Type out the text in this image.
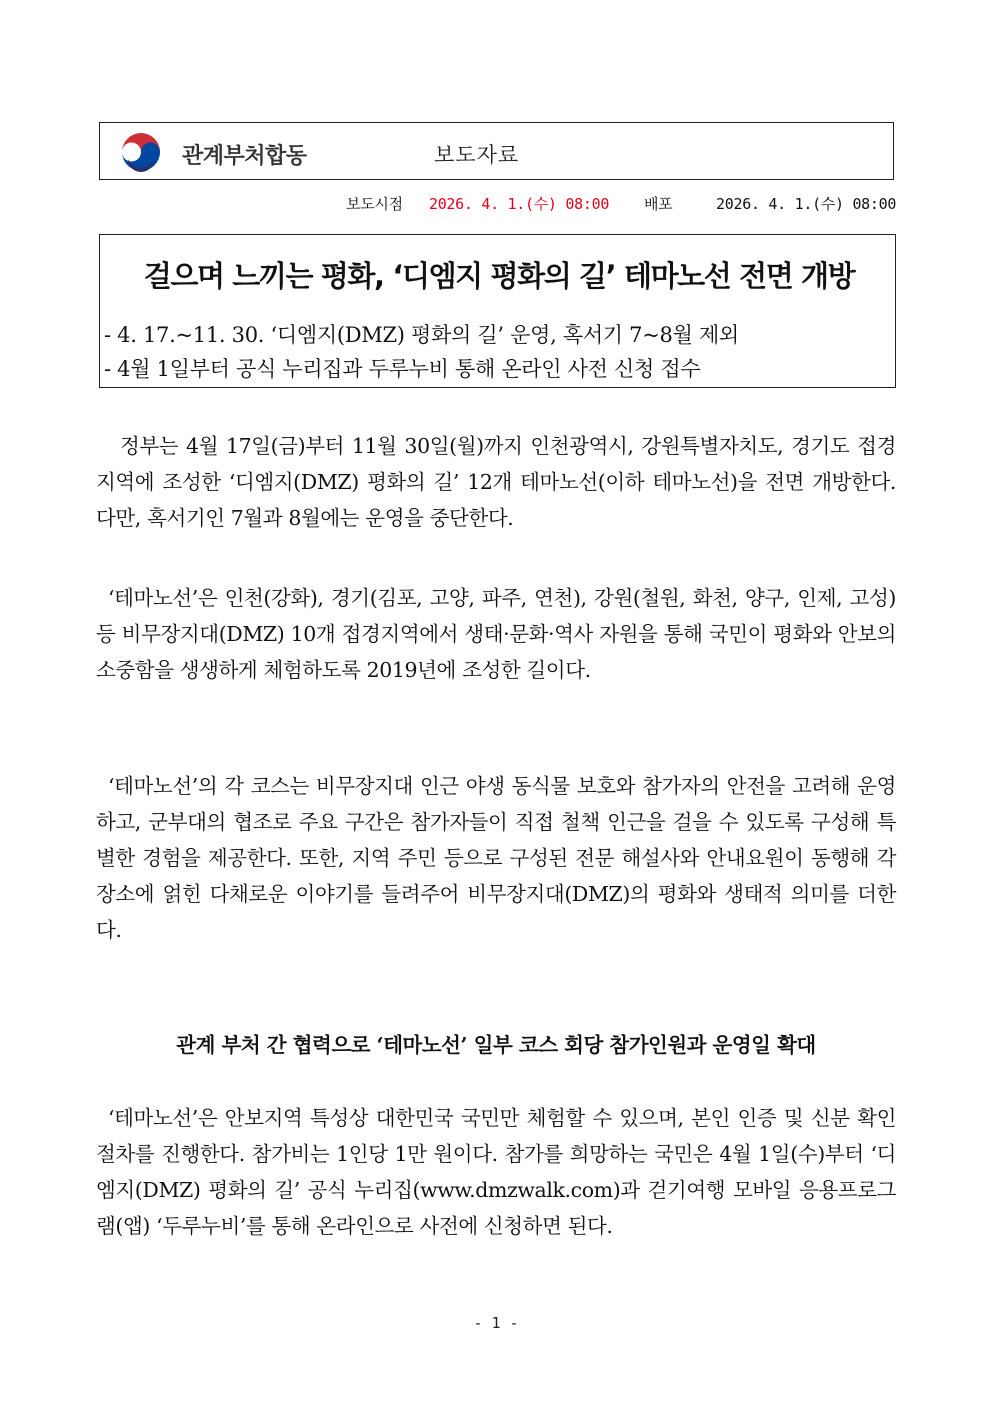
관계부처합동	보도자료
보도시점 2026. 4. 1.(수) 08:00 배포	2026. 4. 1.(수) 08:00
걸으며 느끼는 평화, ‘디엠지 평화의 길’ 테마노선 전면 개방
- 4. 17.~11. 30. ‘디엠지(DMZ) 평화의 길’ 운영, 혹서기 7~8월 제외
- 4월 1일부터 공식 누리집과 두루누비 통해 온라인 사전 신청 접수

정부는 4월 17일(금)부터 11월 30일(월)까지 인천광역시, 강원특별자치도, 경기도 접경지역에 조성한 ‘디엠지(DMZ) 평화의 길’ 12개 테마노선(이하 테마노선)을 전면 개방한다. 다만, 혹서기인 7월과 8월에는 운영을 중단한다.

‘테마노선’은 인천(강화), 경기(김포, 고양, 파주, 연천), 강원(철원, 화천, 양구, 인제, 고성) 등 비무장지대(DMZ) 10개 접경지역에서 생태·문화·역사 자원을 통해 국민이 평화와 안보의 소중함을 생생하게 체험하도록 2019년에 조성한 길이다.

‘테마노선’의 각 코스는 비무장지대 인근 야생 동식물 보호와 참가자의 안전을 고려해 운영하고, 군부대의 협조로 주요 구간은 참가자들이 직접 철책 인근을 걸을 수 있도록 구성해 특별한 경험을 제공한다. 또한, 지역 주민 등으로 구성된 전문 해설사와 안내요원이 동행해 각 장소에 얽힌 다채로운 이야기를 들려주어 비무장지대(DMZ)의 평화와 생태적 의미를 더한다.

관계 부처 간 협력으로 ‘테마노선’ 일부 코스 회당 참가인원과 운영일 확대

‘테마노선’은 안보지역 특성상 대한민국 국민만 체험할 수 있으며, 본인 인증 및 신분 확인 절차를 진행한다. 참가비는 1인당 1만 원이다. 참가를 희망하는 국민은 4월 1일(수)부터 ‘디엠지(DMZ) 평화의 길’ 공식 누리집(www.dmzwalk.com)과 걷기여행 모바일 응용프로그램(앱) ‘두루누비’를 통해 온라인으로 사전에 신청하면 된다.

- 1 -
